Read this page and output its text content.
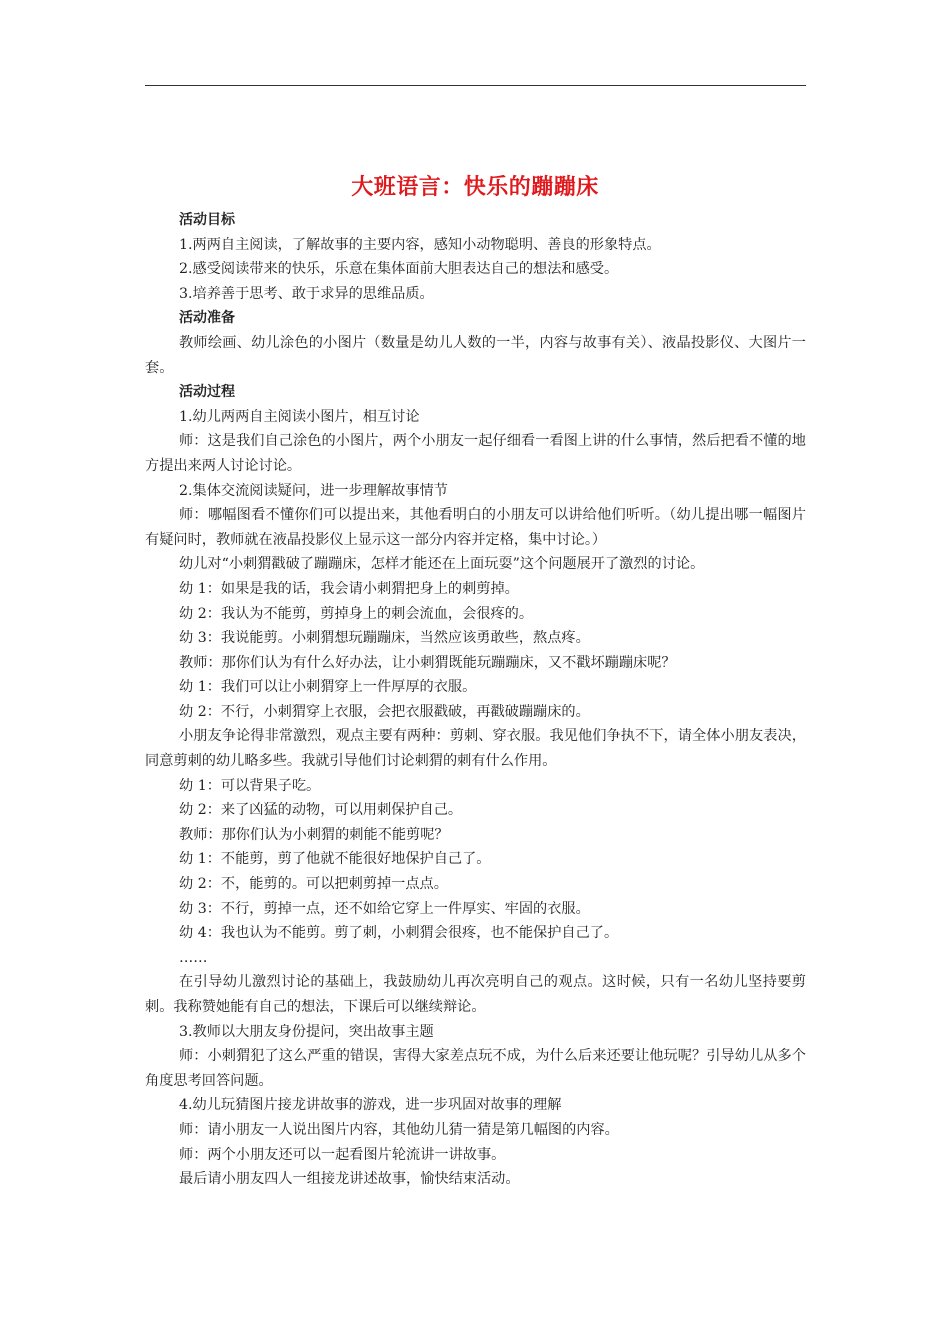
大班语言：快乐的蹦蹦床

活动目标

1.两两自主阅读，了解故事的主要内容，感知小动物聪明、善良的形象特点。

2.感受阅读带来的快乐，乐意在集体面前大胆表达自己的想法和感受。

3.培养善于思考、敢于求异的思维品质。

活动准备

教师绘画、幼儿涂色的小图片（数量是幼儿人数的一半，内容与故事有关）、液晶投影仪、大图片一套。

活动过程

1.幼儿两两自主阅读小图片，相互讨论

师：这是我们自己涂色的小图片，两个小朋友一起仔细看一看图上讲的什么事情，然后把看不懂的地方提出来两人讨论讨论。

2.集体交流阅读疑问，进一步理解故事情节

师：哪幅图看不懂你们可以提出来，其他看明白的小朋友可以讲给他们听听。（幼儿提出哪一幅图片有疑问时，教师就在液晶投影仪上显示这一部分内容并定格，集中讨论。）

幼儿对“小刺猬戳破了蹦蹦床，怎样才能还在上面玩耍”这个问题展开了激烈的讨论。

幼 1：如果是我的话，我会请小刺猬把身上的刺剪掉。

幼 2：我认为不能剪，剪掉身上的刺会流血，会很疼的。

幼 3：我说能剪。小刺猬想玩蹦蹦床，当然应该勇敢些，熬点疼。

教师：那你们认为有什么好办法，让小刺猬既能玩蹦蹦床，又不戳坏蹦蹦床呢？

幼 1：我们可以让小刺猬穿上一件厚厚的衣服。

幼 2：不行，小刺猬穿上衣服，会把衣服戳破，再戳破蹦蹦床的。

小朋友争论得非常激烈，观点主要有两种：剪刺、穿衣服。我见他们争执不下，请全体小朋友表决，同意剪刺的幼儿略多些。我就引导他们讨论刺猬的刺有什么作用。

幼 1：可以背果子吃。

幼 2：来了凶猛的动物，可以用刺保护自己。

教师：那你们认为小刺猬的刺能不能剪呢？

幼 1：不能剪，剪了他就不能很好地保护自己了。

幼 2：不，能剪的。可以把刺剪掉一点点。

幼 3：不行，剪掉一点，还不如给它穿上一件厚实、牢固的衣服。

幼 4：我也认为不能剪。剪了刺，小刺猬会很疼，也不能保护自己了。

……

在引导幼儿激烈讨论的基础上，我鼓励幼儿再次亮明自己的观点。这时候，只有一名幼儿坚持要剪刺。我称赞她能有自己的想法，下课后可以继续辩论。

3.教师以大朋友身份提问，突出故事主题

师：小刺猬犯了这么严重的错误，害得大家差点玩不成，为什么后来还要让他玩呢？引导幼儿从多个角度思考回答问题。

4.幼儿玩猜图片接龙讲故事的游戏，进一步巩固对故事的理解

师：请小朋友一人说出图片内容，其他幼儿猜一猜是第几幅图的内容。

师：两个小朋友还可以一起看图片轮流讲一讲故事。

最后请小朋友四人一组接龙讲述故事，愉快结束活动。
